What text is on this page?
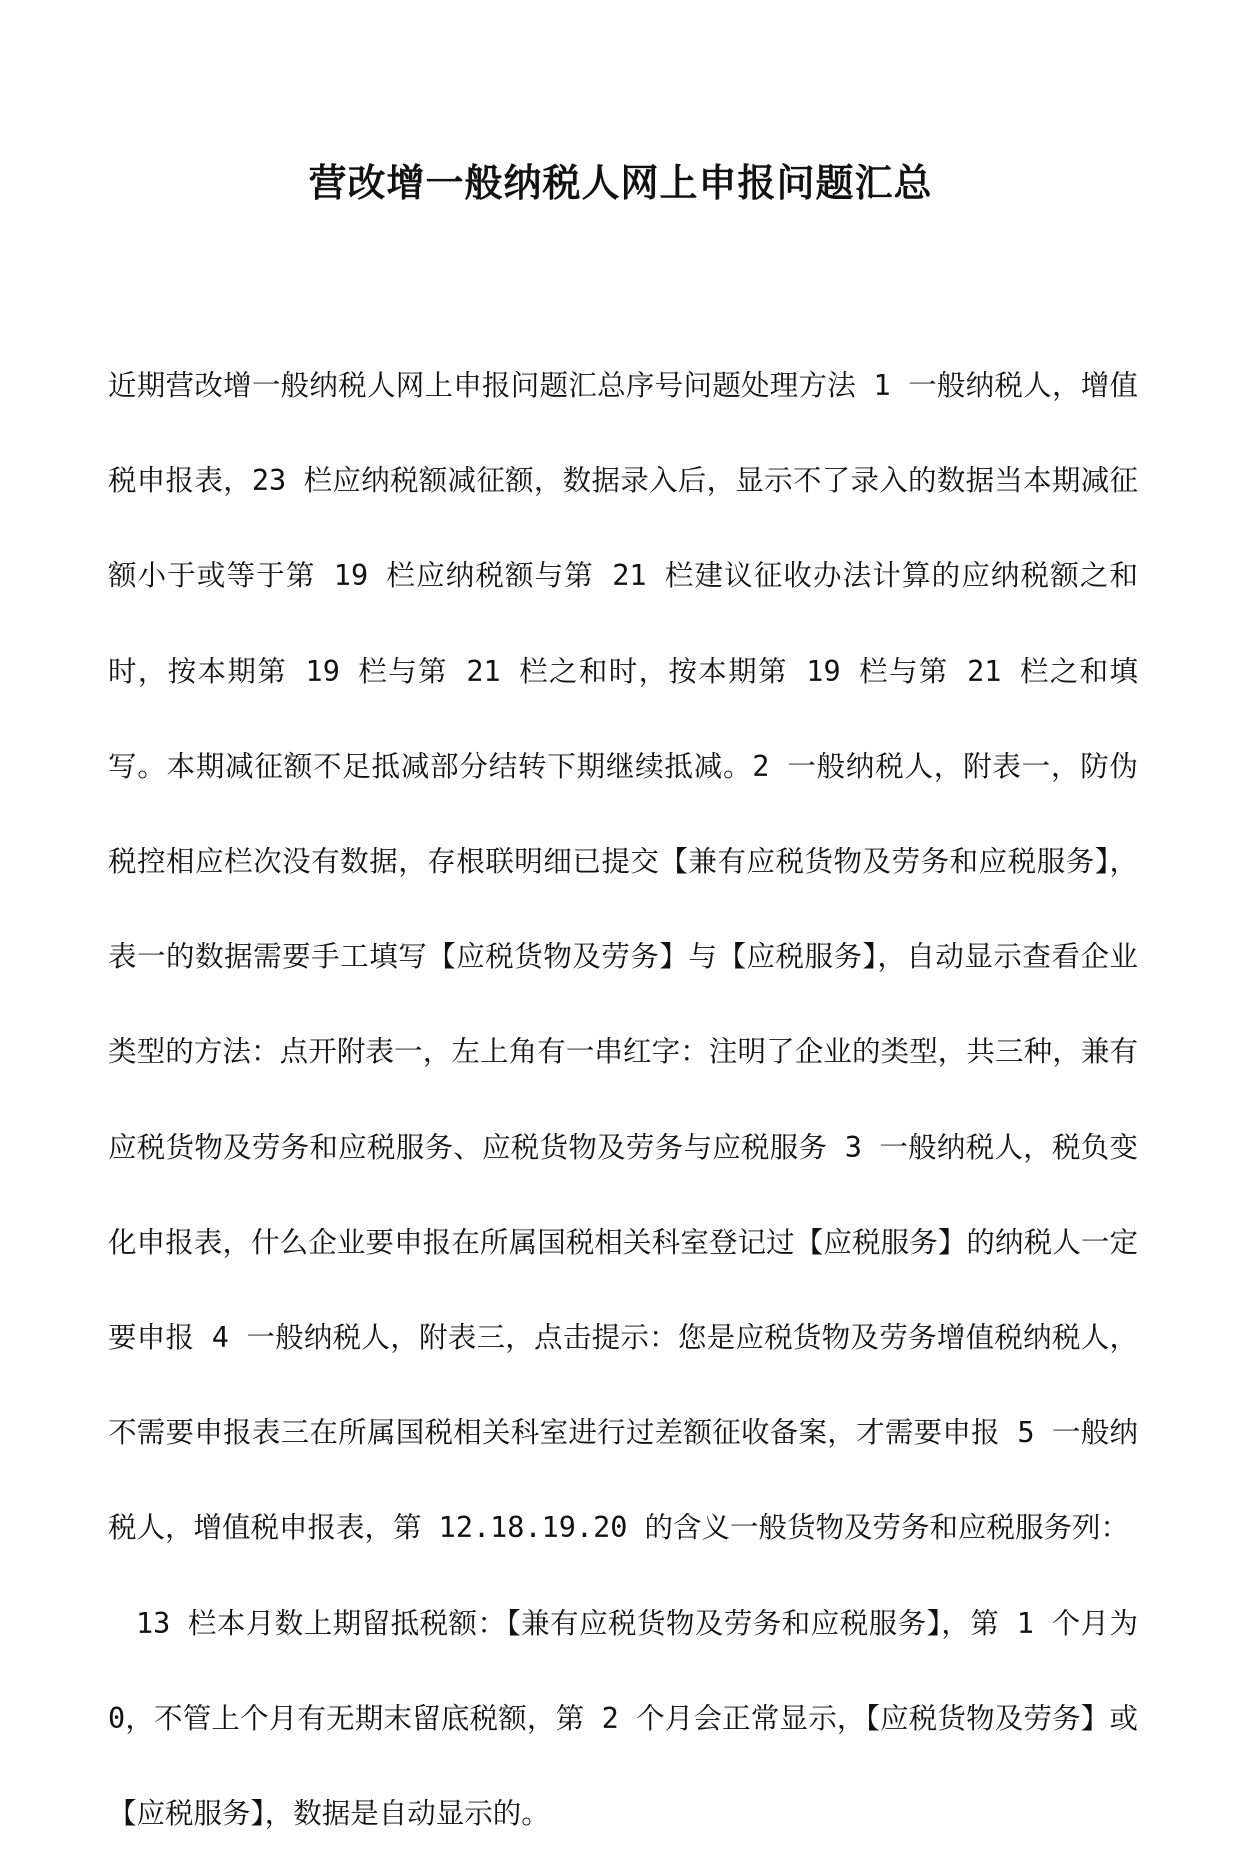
营改增一般纳税人网上申报问题汇总

近期营改增一般纳税人网上申报问题汇总序号问题处理方法 1 一般纳税人，增值税申报表，23 栏应纳税额减征额，数据录入后，显示不了录入的数据当本期减征额小于或等于第 19 栏应纳税额与第 21 栏建议征收办法计算的应纳税额之和时，按本期第 19 栏与第 21 栏之和时，按本期第 19 栏与第 21 栏之和填写。本期减征额不足抵减部分结转下期继续抵减。2 一般纳税人，附表一，防伪税控相应栏次没有数据，存根联明细已提交【兼有应税货物及劳务和应税服务】，表一的数据需要手工填写【应税货物及劳务】与【应税服务】，自动显示查看企业类型的方法：点开附表一，左上角有一串红字：注明了企业的类型，共三种，兼有应税货物及劳务和应税服务、应税货物及劳务与应税服务 3 一般纳税人，税负变化申报表，什么企业要申报在所属国税相关科室登记过【应税服务】的纳税人一定要申报 4 一般纳税人，附表三，点击提示：您是应税货物及劳务增值税纳税人，不需要申报表三在所属国税相关科室进行过差额征收备案，才需要申报 5 一般纳税人，增值税申报表，第 12.18.19.20 的含义一般货物及劳务和应税服务列：

13 栏本月数上期留抵税额：【兼有应税货物及劳务和应税服务】，第 1 个月为 0，不管上个月有无期末留底税额，第 2 个月会正常显示，【应税货物及劳务】或【应税服务】，数据是自动显示的。
